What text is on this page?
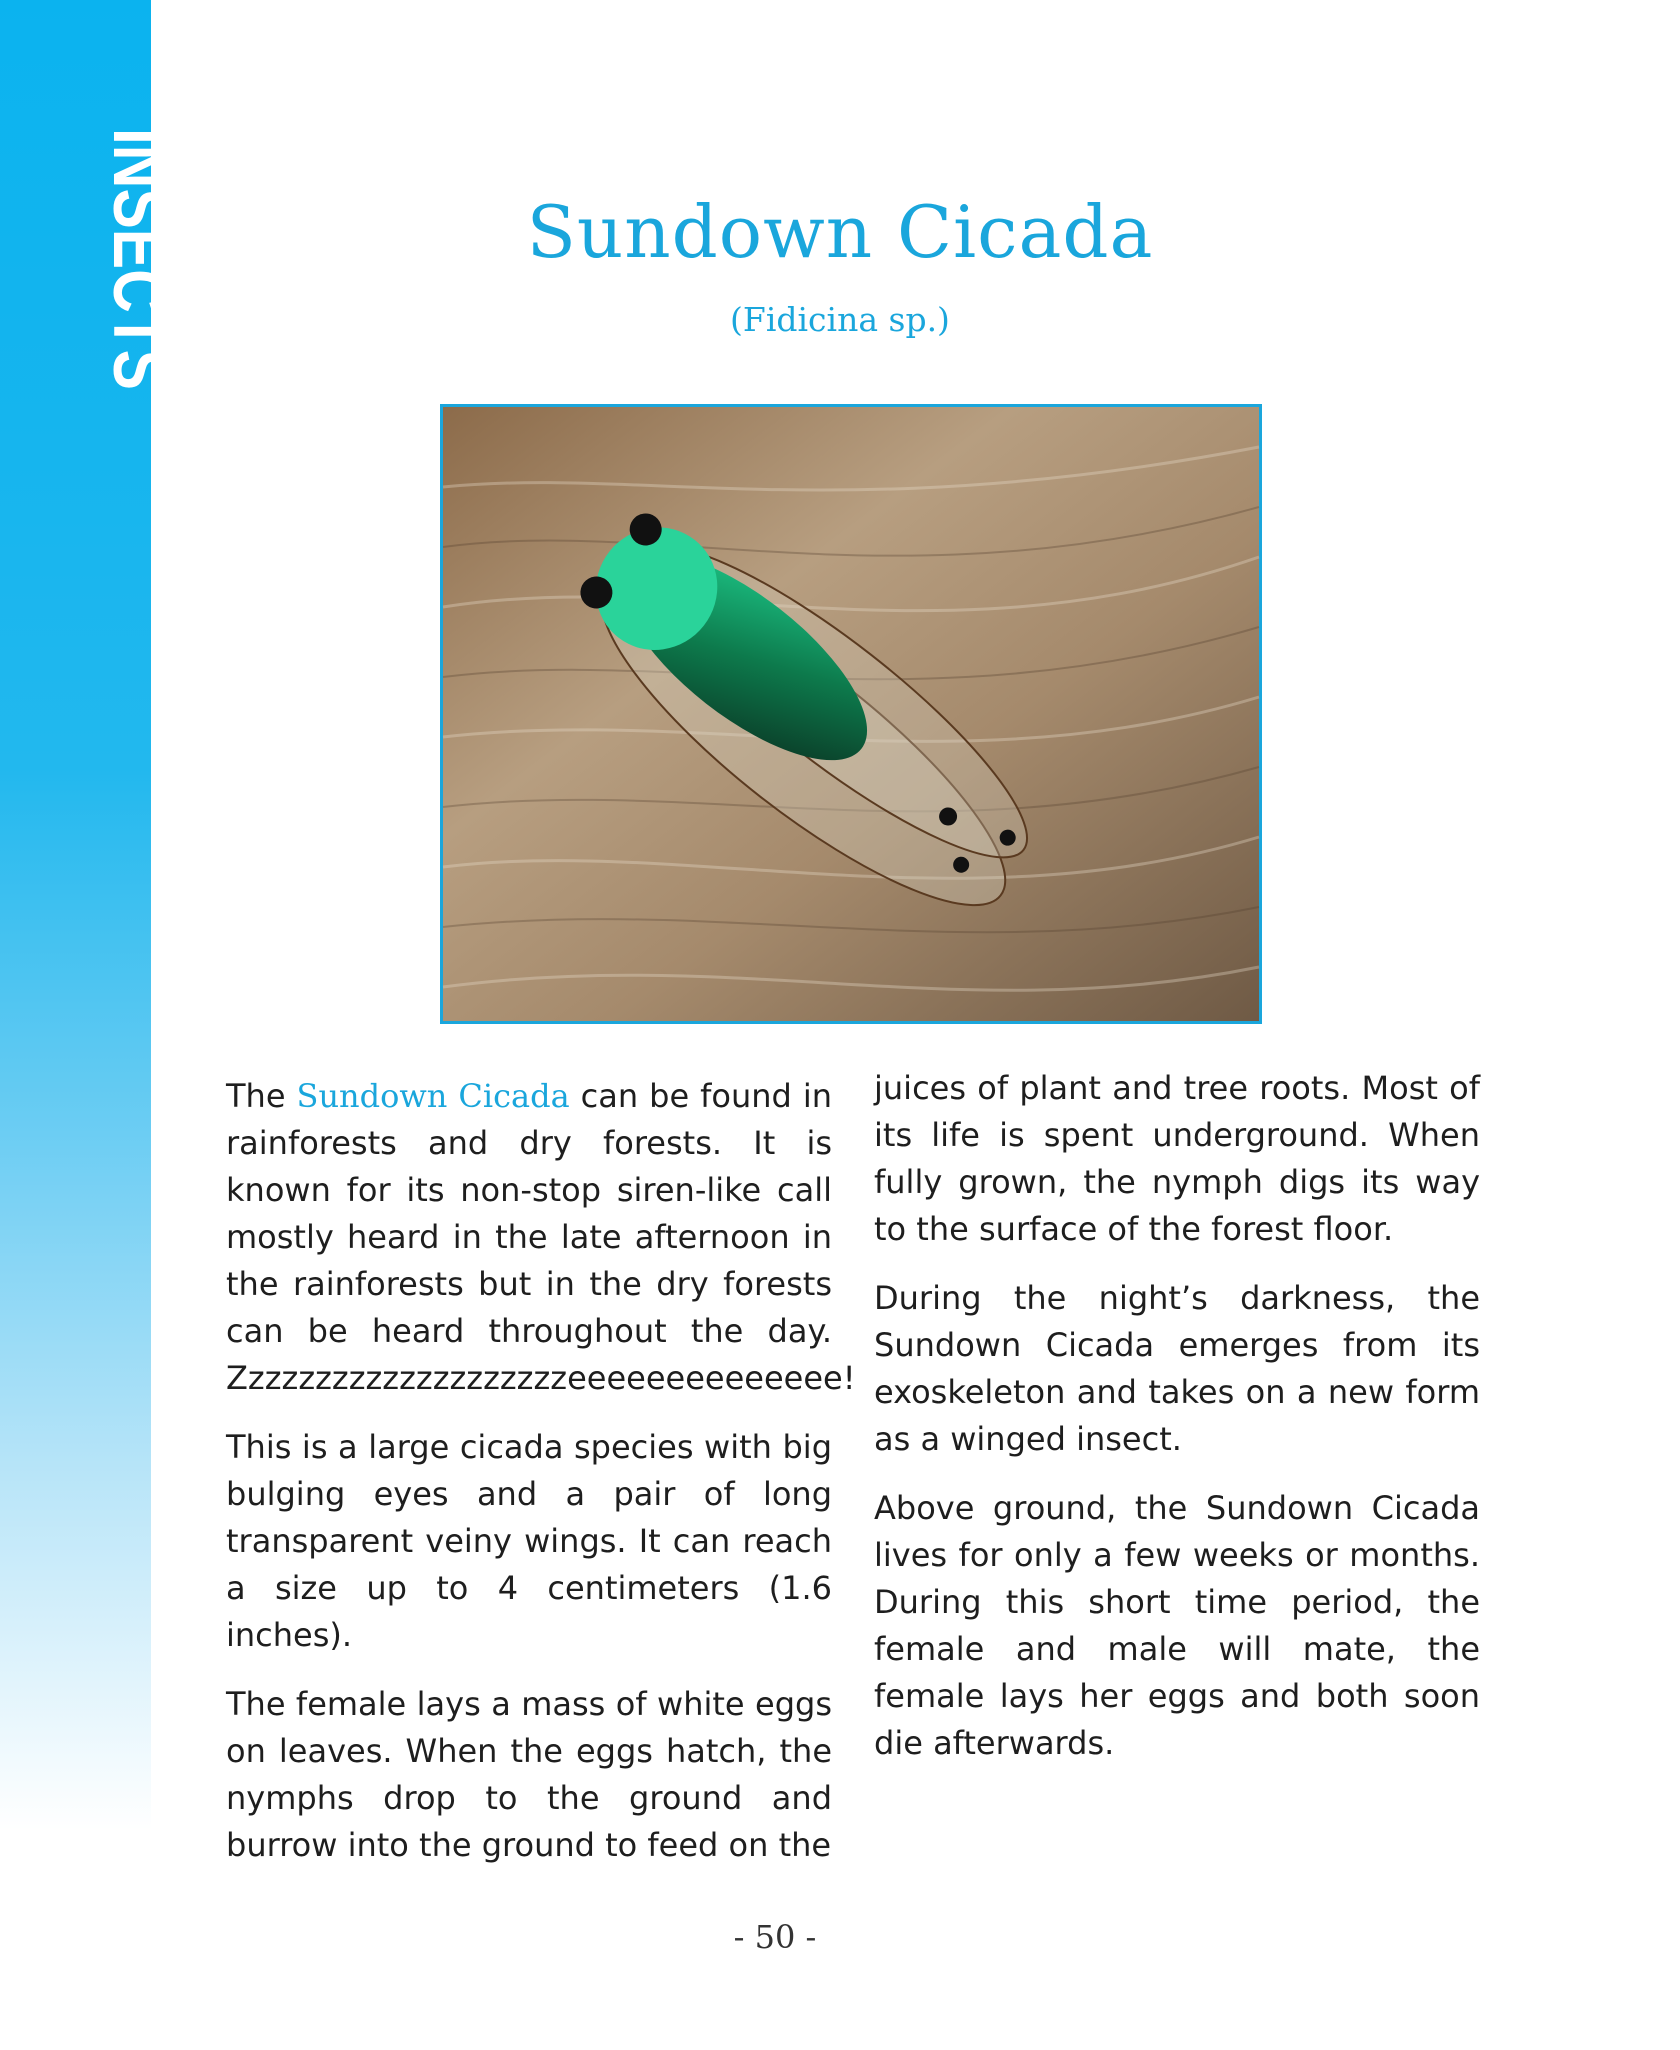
INSECTS	Sundown Cicada
(Fidicina sp.)

The Sundown Cicada can be found in rainforests and dry forests. It is known for its non-stop siren-like call mostly heard in the late afternoon in the rainforests but in the dry forests can be heard throughout the day. Zzzzzzzzzzzzzzzzzzzzeeeeeeeeeeeeee!

This is a large cicada species with big bulging eyes and a pair of long transparent veiny wings. It can reach a size up to 4 centimeters (1.6 inches).

The female lays a mass of white eggs on leaves. When the eggs hatch, the nymphs drop to the ground and burrow into the ground to feed on the

juices of plant and tree roots. Most of its life is spent underground. When fully grown, the nymph digs its way to the surface of the forest floor.

During the night’s darkness, the Sundown Cicada emerges from its exoskeleton and takes on a new form as a winged insect.

Above ground, the Sundown Cicada lives for only a few weeks or months. During this short time period, the female and male will mate, the female lays her eggs and both soon die afterwards.

- 50 -
